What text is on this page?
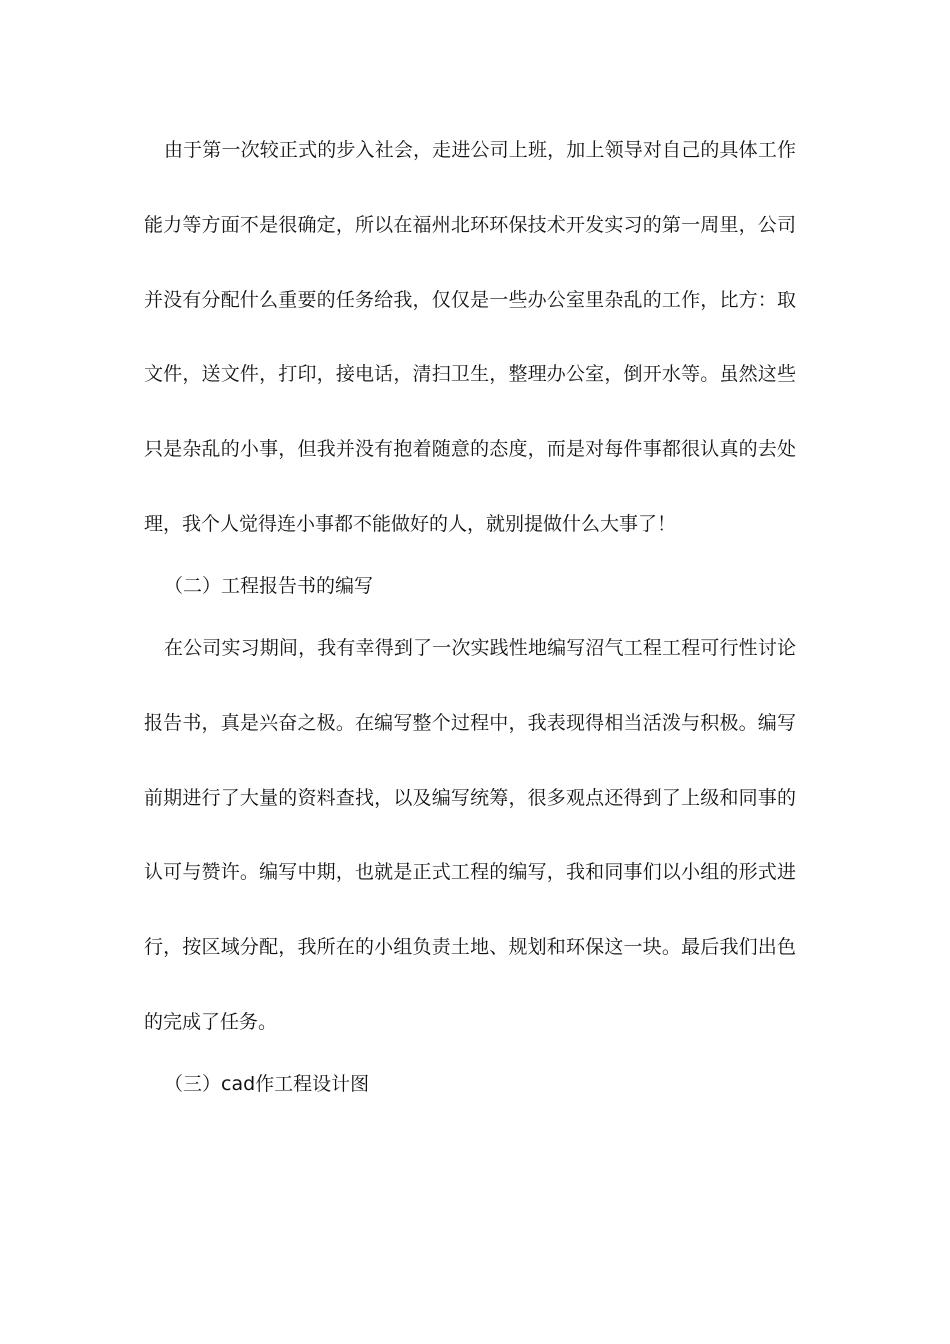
由于第一次较正式的步入社会，走进公司上班，加上领导对自己的具体工作
能力等方面不是很确定，所以在福州北环环保技术开发实习的第一周里，公司
并没有分配什么重要的任务给我，仅仅是一些办公室里杂乱的工作，比方：取
文件，送文件，打印，接电话，清扫卫生，整理办公室，倒开水等。虽然这些
只是杂乱的小事，但我并没有抱着随意的态度，而是对每件事都很认真的去处
理，我个人觉得连小事都不能做好的人，就别提做什么大事了！
（二）工程报告书的编写
在公司实习期间，我有幸得到了一次实践性地编写沼气工程工程可行性讨论
报告书，真是兴奋之极。在编写整个过程中，我表现得相当活泼与积极。编写
前期进行了大量的资料查找，以及编写统筹，很多观点还得到了上级和同事的
认可与赞许。编写中期，也就是正式工程的编写，我和同事们以小组的形式进
行，按区域分配，我所在的小组负责土地、规划和环保这一块。最后我们出色
的完成了任务。
（三）cad作工程设计图
